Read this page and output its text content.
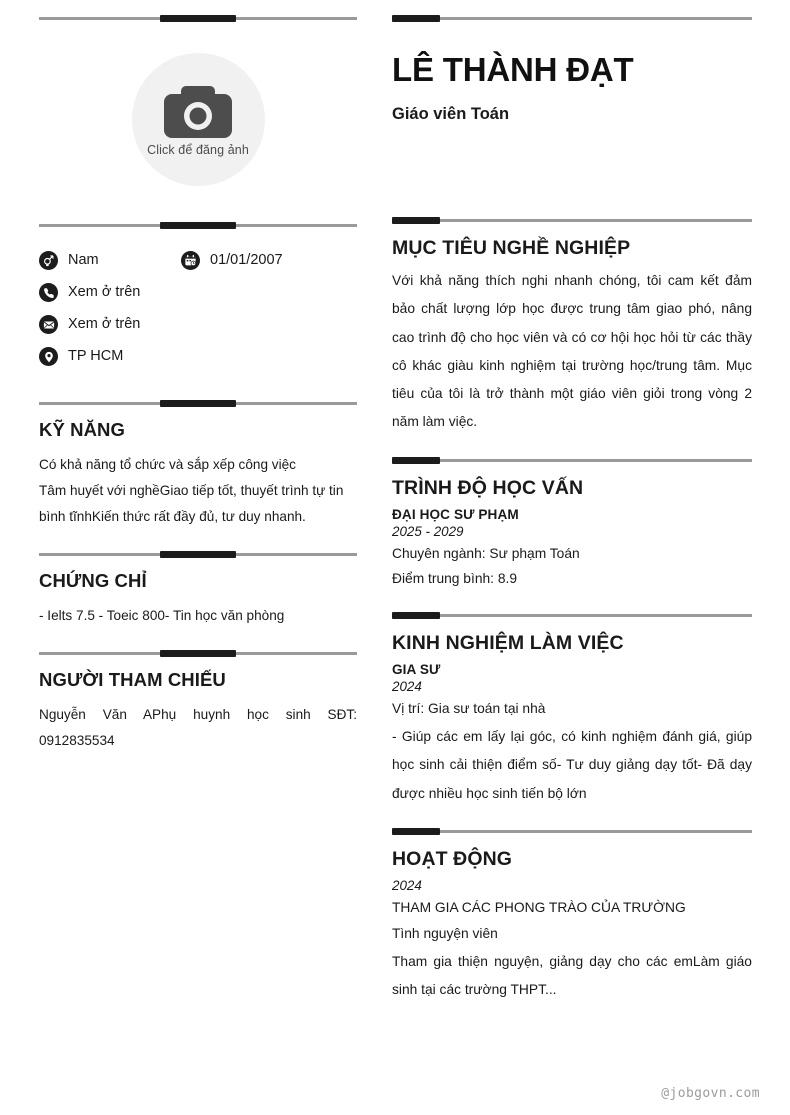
Click để đăng ảnh
Nam	01/01/2007
Xem ở trên
Xem ở trên
TP HCM
KỸ NĂNG
Có khả năng tổ chức và sắp xếp công việc
Tâm huyết với nghềGiao tiếp tốt, thuyết trình tự tin bình tĩnhKiến thức rất đầy đủ, tư duy nhanh.
CHỨNG CHỈ
- Ielts 7.5 - Toeic 800- Tin học văn phòng
NGƯỜI THAM CHIẾU
Nguyễn Văn APhụ huynh học sinh SĐT: 0912835534
LÊ THÀNH ĐẠT
Giáo viên Toán
MỤC TIÊU NGHỀ NGHIỆP
Với khả năng thích nghi nhanh chóng, tôi cam kết đảm bảo chất lượng lớp học được trung tâm giao phó, nâng cao trình độ cho học viên và có cơ hội học hỏi từ các thầy cô khác giàu kinh nghiệm tại trường học/trung tâm. Mục tiêu của tôi là trở thành một giáo viên giỏi trong vòng 2 năm làm việc.
TRÌNH ĐỘ HỌC VẤN
ĐẠI HỌC SƯ PHẠM
2025 - 2029
Chuyên ngành: Sư phạm Toán
Điểm trung bình: 8.9
KINH NGHIỆM LÀM VIỆC
GIA SƯ
2024
Vị trí: Gia sư toán tại nhà
- Giúp các em lấy lại góc, có kinh nghiệm đánh giá, giúp học sinh cải thiện điểm số- Tư duy giảng dạy tốt- Đã dạy được nhiều học sinh tiến bộ lớn
HOẠT ĐỘNG
2024
THAM GIA CÁC PHONG TRÀO CỦA TRƯỜNG
Tình nguyện viên
Tham gia thiện nguyện, giảng dạy cho các emLàm giáo sinh tại các trường THPT...
@jobgovn.com
